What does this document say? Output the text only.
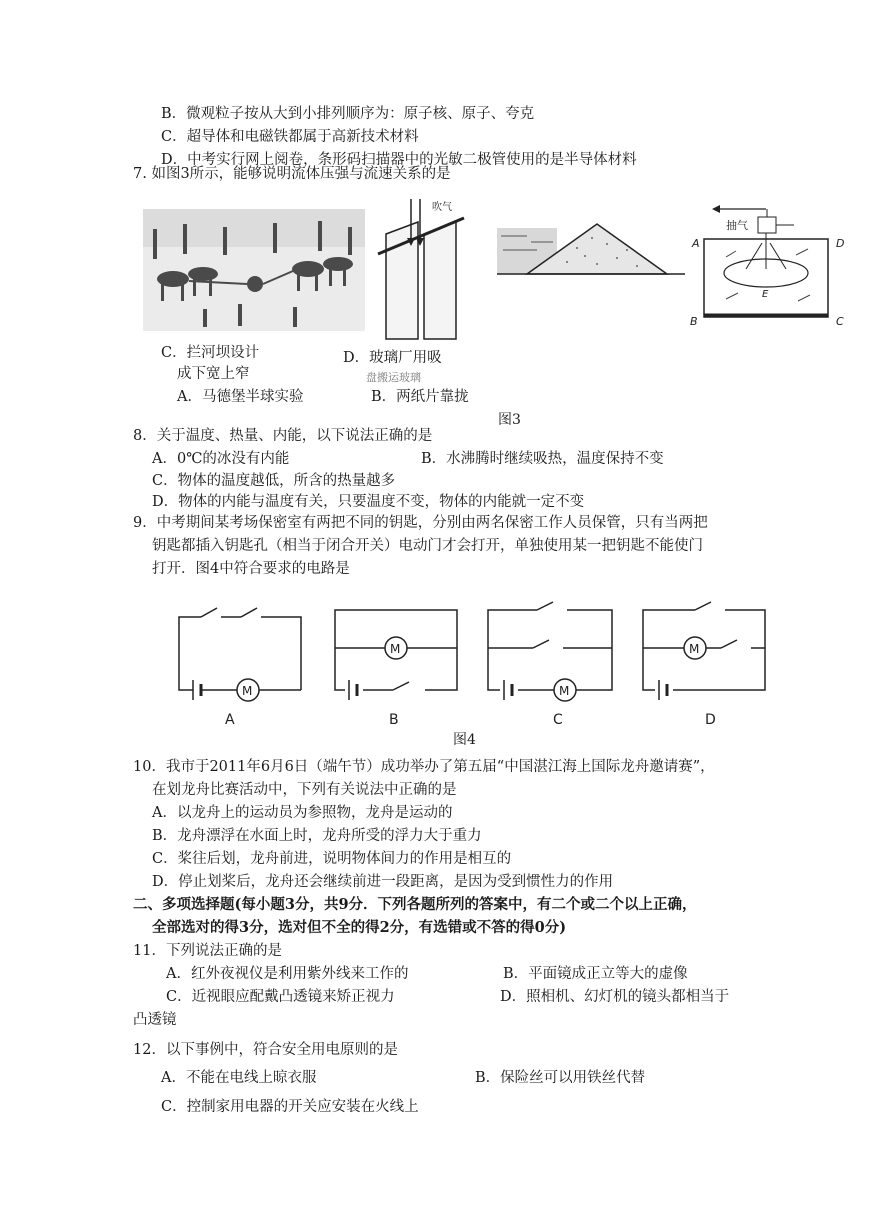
B．微观粒子按从大到小排列顺序为：原子核、原子、夸克
C．超导体和电磁铁都属于高新技术材料
D．中考实行网上阅卷，条形码扫描器中的光敏二极管使用的是半导体材料
7. 如图3所示，能够说明流体压强与流速关系的是
吹气
抽气
A	D
B	C
E
C．拦河坝设计
成下宽上窄
D．玻璃厂用吸
盘搬运玻璃
A．马德堡半球实验	B．两纸片靠拢
图3
8．关于温度、热量、内能，以下说法正确的是
A．0℃的冰没有内能	B．水沸腾时继续吸热，温度保持不变
C．物体的温度越低，所含的热量越多
D．物体的内能与温度有关，只要温度不变，物体的内能就一定不变
9．中考期间某考场保密室有两把不同的钥匙，分别由两名保密工作人员保管，只有当两把
钥匙都插入钥匙孔（相当于闭合开关）电动门才会打开，单独使用某一把钥匙不能使门
打开．图4中符合要求的电路是
M
A
M
B
M
C
M
D
图4
10．我市于2011年6月6日（端午节）成功举办了第五届“中国湛江海上国际龙舟邀请赛”，
在划龙舟比赛活动中，下列有关说法中正确的是
A．以龙舟上的运动员为参照物，龙舟是运动的
B．龙舟漂浮在水面上时，龙舟所受的浮力大于重力
C．桨往后划，龙舟前进，说明物体间力的作用是相互的
D．停止划桨后，龙舟还会继续前进一段距离，是因为受到惯性力的作用
二、多项选择题(每小题3分，共9分．下列各题所列的答案中，有二个或二个以上正确，
全部选对的得3分，选对但不全的得2分，有选错或不答的得0分)
11．下列说法正确的是
A．红外夜视仪是利用紫外线来工作的	B．平面镜成正立等大的虚像
C．近视眼应配戴凸透镜来矫正视力	D．照相机、幻灯机的镜头都相当于
凸透镜
12．以下事例中，符合安全用电原则的是
A．不能在电线上晾衣服	B．保险丝可以用铁丝代替
C．控制家用电器的开关应安装在火线上
